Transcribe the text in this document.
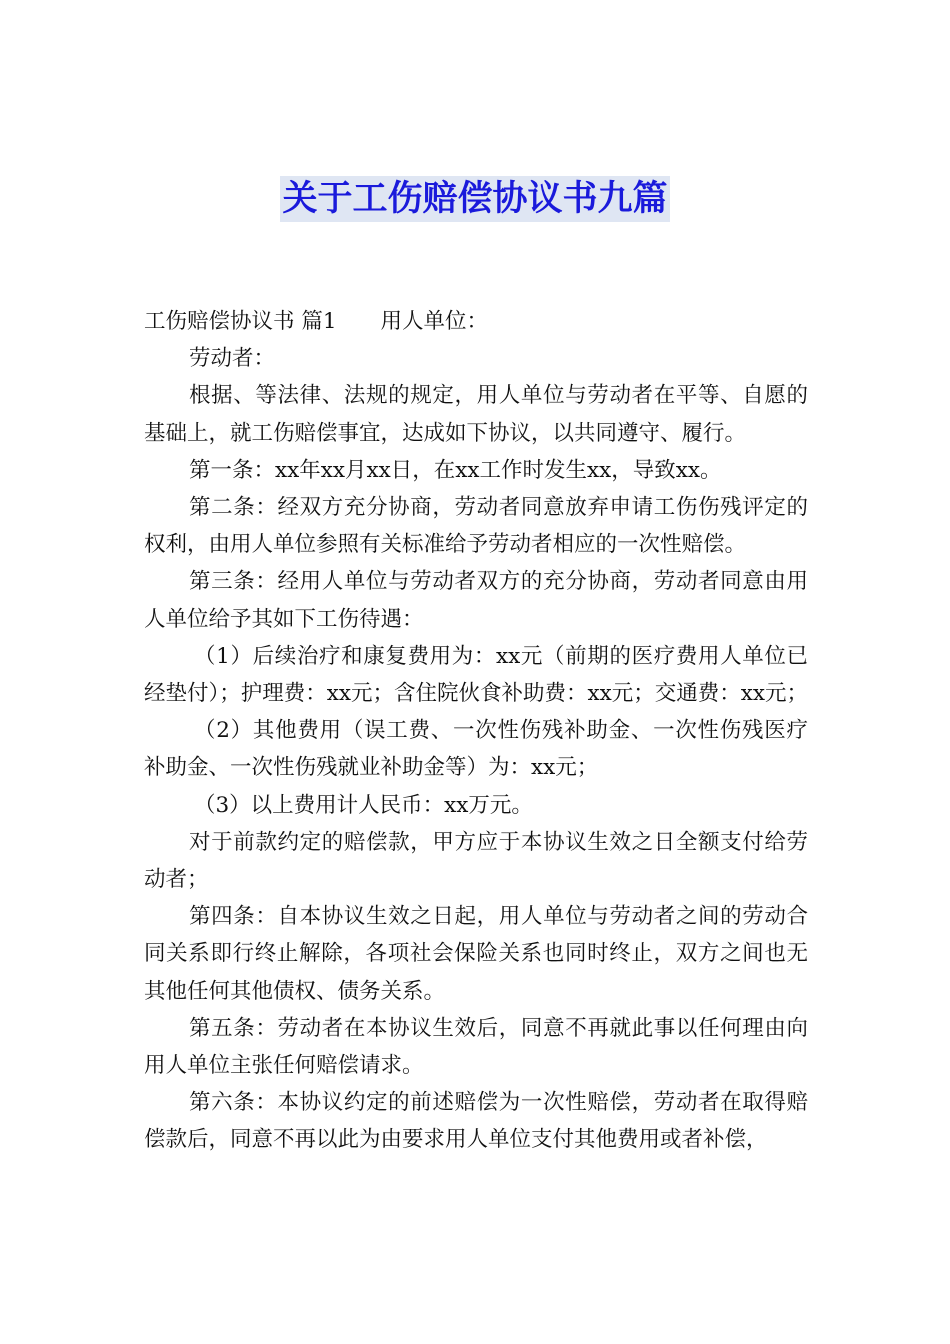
关于工伤赔偿协议书九篇

工伤赔偿协议书 篇1 用人单位：

劳动者：

根据、等法律、法规的规定，用人单位与劳动者在平等、自愿的基础上，就工伤赔偿事宜，达成如下协议，以共同遵守、履行。

第一条：xx年xx月xx日，在xx工作时发生xx，导致xx。

第二条：经双方充分协商，劳动者同意放弃申请工伤伤残评定的权利，由用人单位参照有关标准给予劳动者相应的一次性赔偿。

第三条：经用人单位与劳动者双方的充分协商，劳动者同意由用人单位给予其如下工伤待遇：

（1）后续治疗和康复费用为：xx元（前期的医疗费用人单位已经垫付）；护理费：xx元；含住院伙食补助费：xx元；交通费：xx元；

（2）其他费用（误工费、一次性伤残补助金、一次性伤残医疗补助金、一次性伤残就业补助金等）为：xx元；

（3）以上费用计人民币：xx万元。

对于前款约定的赔偿款，甲方应于本协议生效之日全额支付给劳动者；

第四条：自本协议生效之日起，用人单位与劳动者之间的劳动合同关系即行终止解除，各项社会保险关系也同时终止，双方之间也无其他任何其他债权、债务关系。

第五条：劳动者在本协议生效后，同意不再就此事以任何理由向用人单位主张任何赔偿请求。

第六条：本协议约定的前述赔偿为一次性赔偿，劳动者在取得赔偿款后，同意不再以此为由要求用人单位支付其他费用或者补偿，
